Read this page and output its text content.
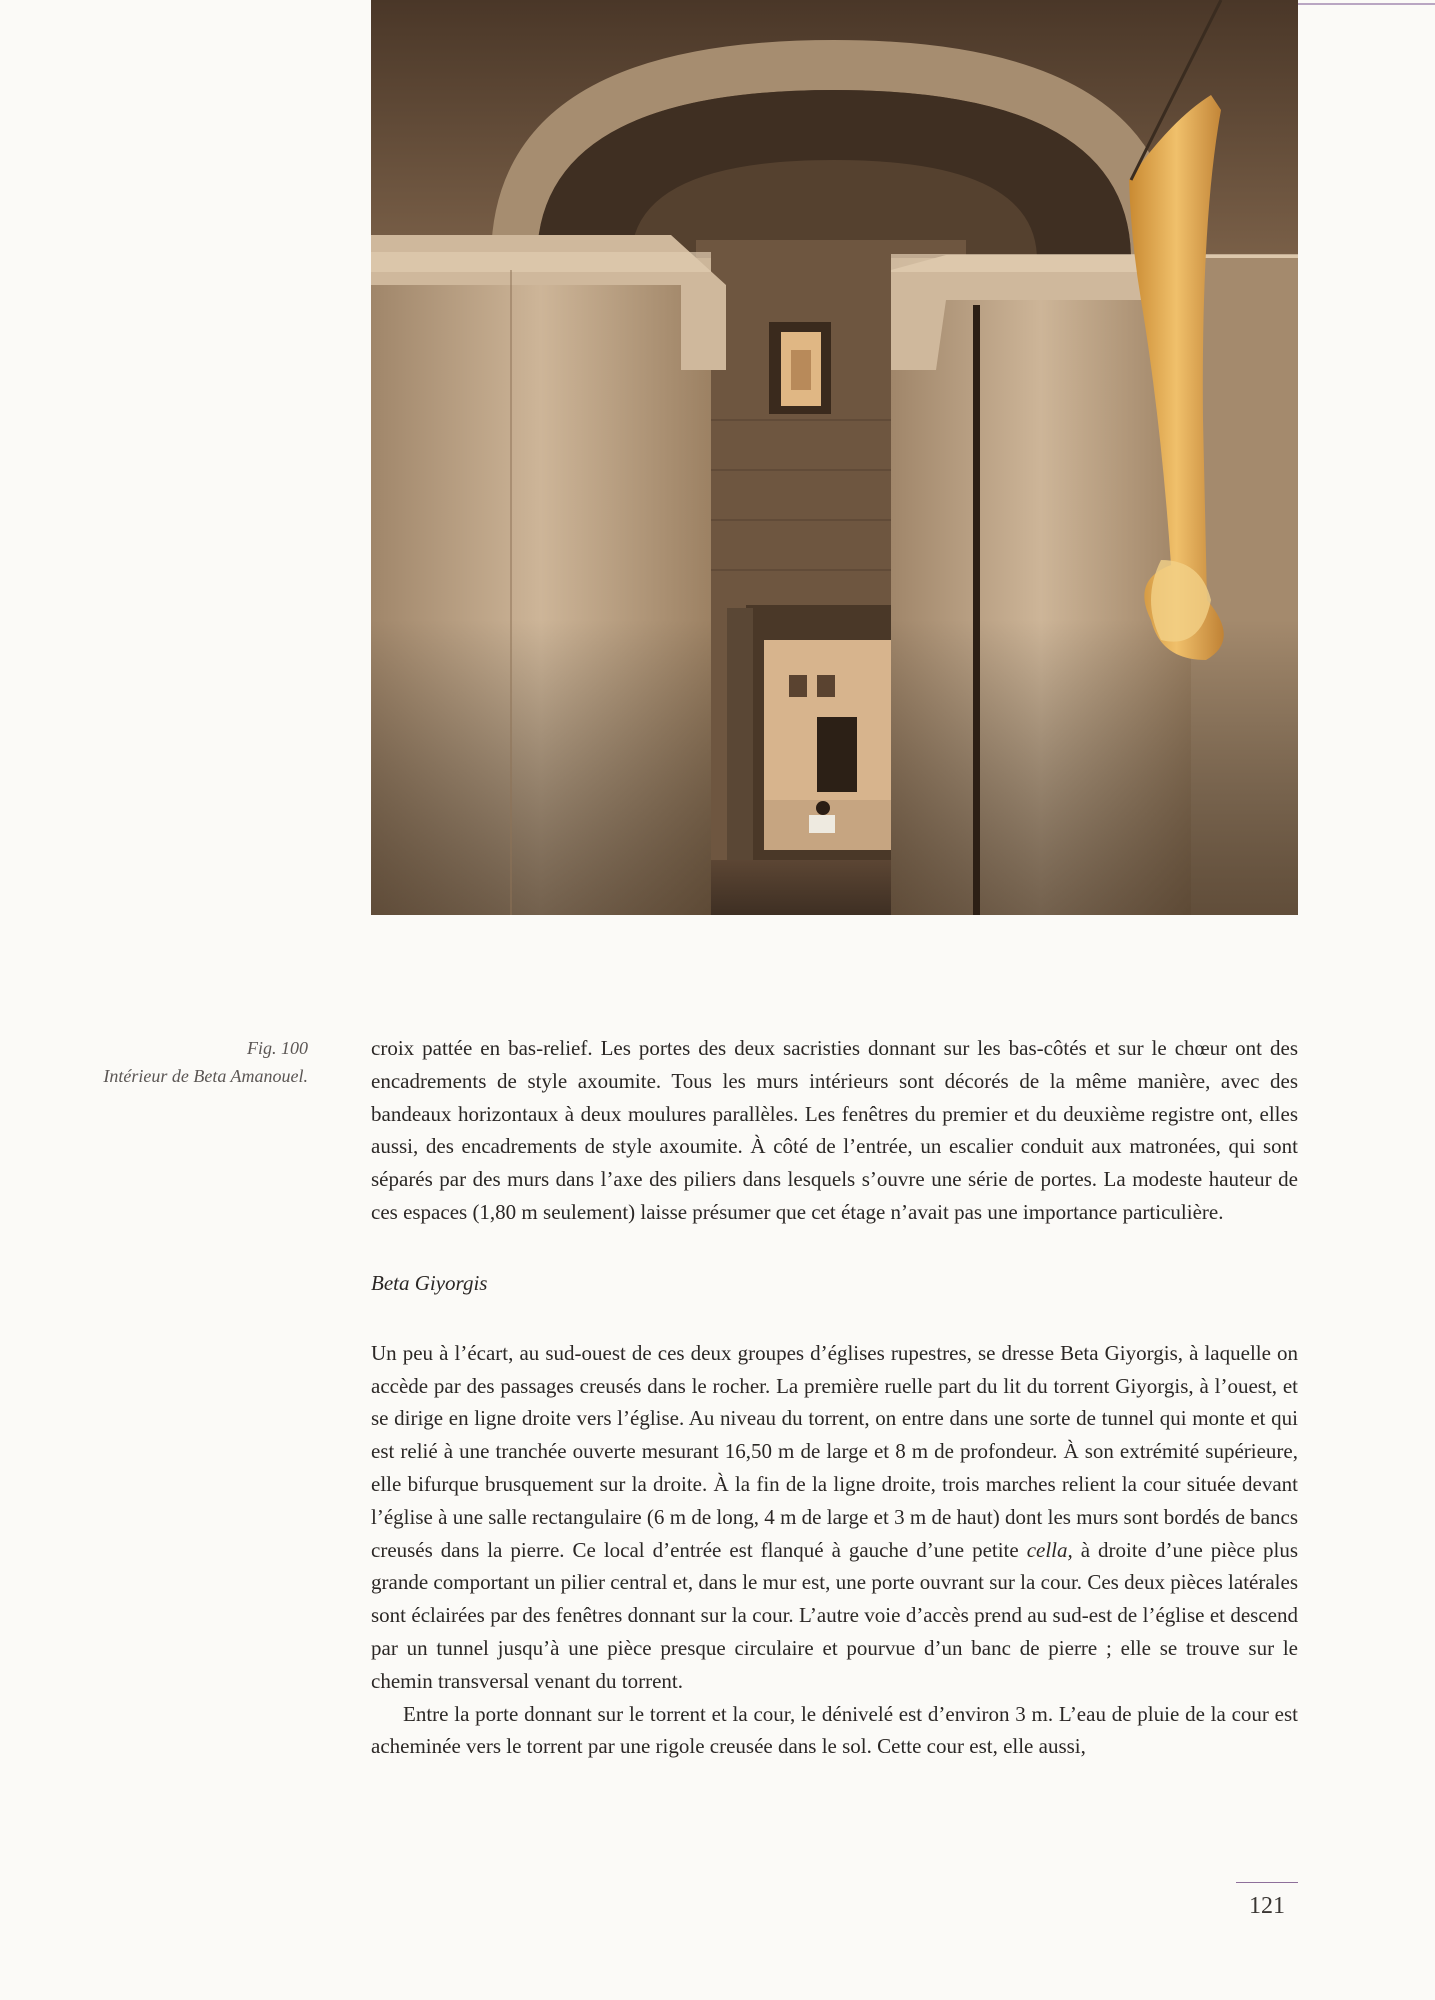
Fig. 100
Intérieur de Beta Amanouel.

croix pattée en bas-relief. Les portes des deux sacristies donnant sur les bas-côtés et sur le chœur ont des encadrements de style axoumite. Tous les murs intérieurs sont décorés de la même manière, avec des bandeaux horizontaux à deux moulures parallèles. Les fenêtres du premier et du deuxième registre ont, elles aussi, des encadrements de style axoumite. À côté de l’entrée, un escalier conduit aux matronées, qui sont séparés par des murs dans l’axe des piliers dans lesquels s’ouvre une série de portes. La modeste hauteur de ces espaces (1,80 m seulement) laisse présumer que cet étage n’avait pas une importance particulière.

Beta Giyorgis

Un peu à l’écart, au sud-ouest de ces deux groupes d’églises rupestres, se dresse Beta Giyorgis, à laquelle on accède par des passages creusés dans le rocher. La première ruelle part du lit du torrent Giyorgis, à l’ouest, et se dirige en ligne droite vers l’église. Au niveau du torrent, on entre dans une sorte de tunnel qui monte et qui est relié à une tranchée ouverte mesurant 16,50 m de large et 8 m de profondeur. À son extrémité supérieure, elle bifurque brusquement sur la droite. À la fin de la ligne droite, trois marches relient la cour située devant l’église à une salle rectangulaire (6 m de long, 4 m de large et 3 m de haut) dont les murs sont bordés de bancs creusés dans la pierre. Ce local d’entrée est flanqué à gauche d’une petite cella, à droite d’une pièce plus grande comportant un pilier central et, dans le mur est, une porte ouvrant sur la cour. Ces deux pièces latérales sont éclairées par des fenêtres donnant sur la cour. L’autre voie d’accès prend au sud-est de l’église et descend par un tunnel jusqu’à une pièce presque circulaire et pourvue d’un banc de pierre ; elle se trouve sur le chemin transversal venant du torrent.

Entre la porte donnant sur le torrent et la cour, le dénivelé est d’environ 3 m. L’eau de pluie de la cour est acheminée vers le torrent par une rigole creusée dans le sol. Cette cour est, elle aussi,

121
